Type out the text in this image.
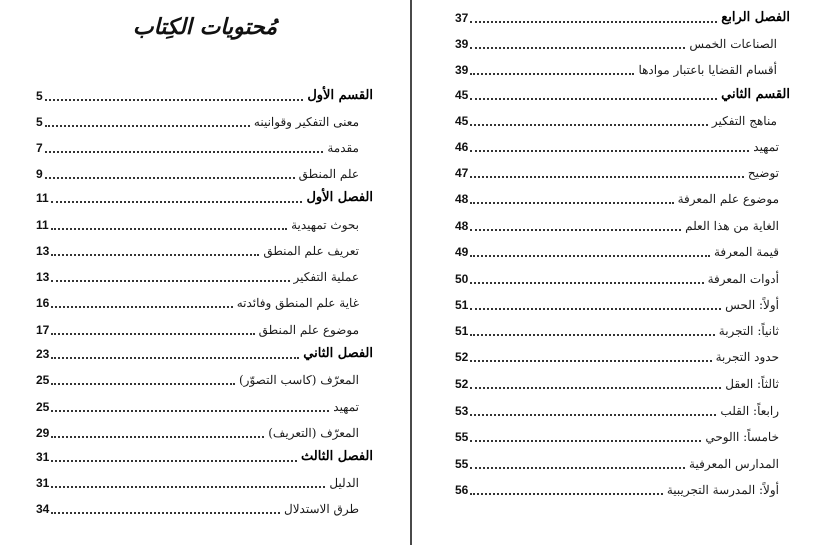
مُحتويات الكِتاب
القسم الأول
5
معنى التفكير وقوانينه
5
مقدمة
7
علم المنطق
9
الفصل الأول
11
بحوث تمهيدية
11
تعريف علم المنطق
13
عملية التفكير
13
غاية علم المنطق وفائدته
16
موضوع علم المنطق
17
الفصل الثاني
23
المعرّف (كاسب التصوّر)
25
تمهيد
25
المعرّف (التعريف)
29
الفصل الثالث
31
الدليل
31
طرق الاستدلال
34
الفصل الرابع
37
الصناعات الخمس
39
أقسام القضايا باعتبار موادها
39
القسم الثاني
45
مناهج التفكير
45
تمهيد
46
توضيح
47
موضوع علم المعرفة
48
الغاية من هذا العلم
48
قيمة المعرفة
49
أدوات المعرفة
50
أولاً: الحس
51
ثانياً: التجربة
51
حدود التجربة
52
ثالثاً: العقل
52
رابعاً: القلب
53
خامساً: االوحي
55
المدارس المعرفية
55
أولاً: المدرسة التجريبية
56
